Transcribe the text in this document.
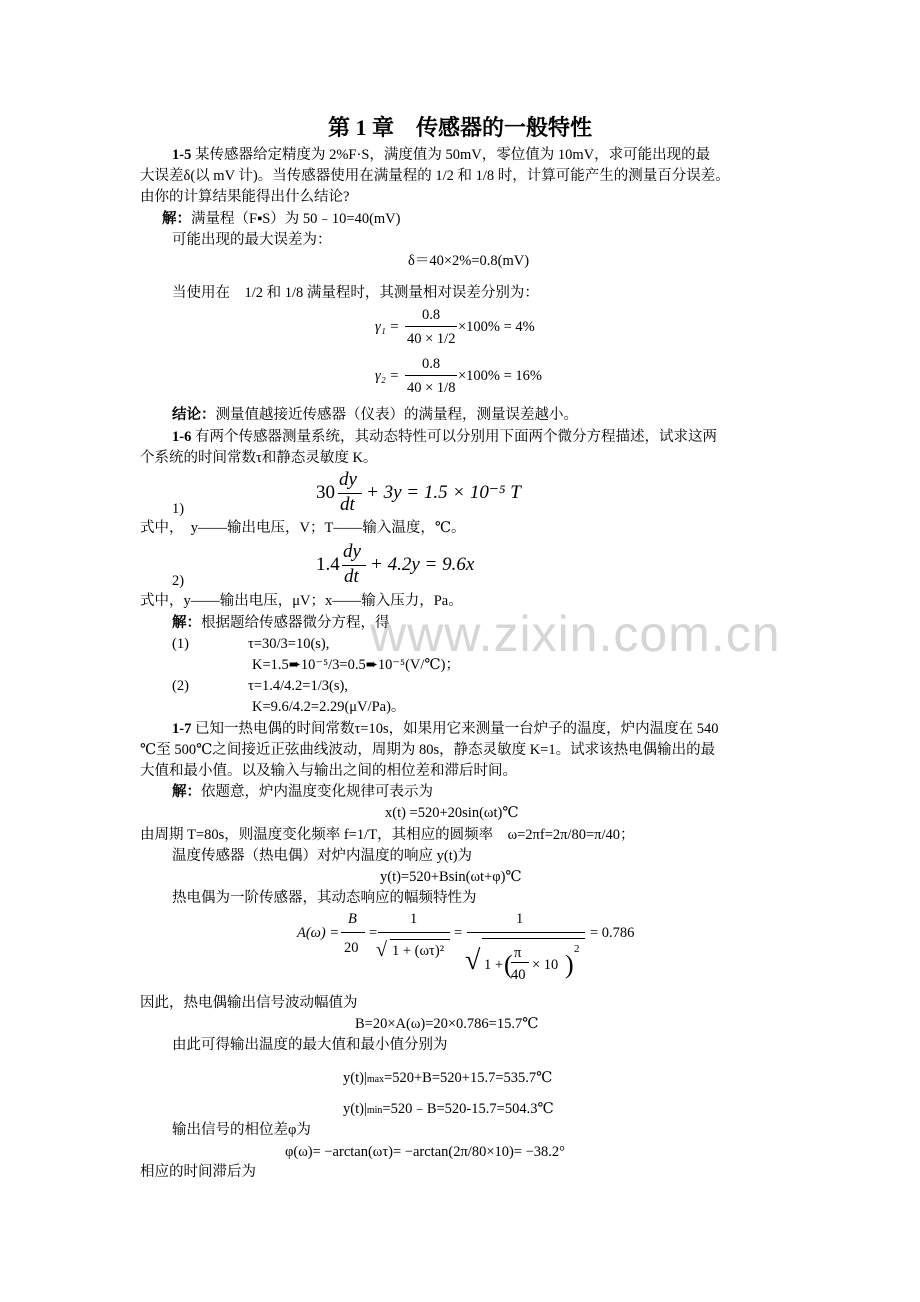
www.zixin.com.cn
第 1 章　传感器的一般特性
1-5 某传感器给定精度为 2%F·S，满度值为 50mV，零位值为 10mV，求可能出现的最
大误差δ(以 mV 计)。当传感器使用在满量程的 1/2 和 1/8 时，计算可能产生的测量百分误差。
由你的计算结果能得出什么结论?
解：满量程（F▪S）为 50﹣10=40(mV)
可能出现的最大误差为：
δ＝40×2%=0.8(mV)
当使用在　1/2 和 1/8 满量程时，其测量相对误差分别为：
γ₁ =
0.8
40 × 1/2
×100% = 4%
γ₂ =
0.8
40 × 1/8
×100% = 16%
结论：测量值越接近传感器（仪表）的满量程，测量误差越小。
1-6 有两个传感器测量系统，其动态特性可以分别用下面两个微分方程描述，试求这两
个系统的时间常数τ和静态灵敏度 K。
30
dy
dt
+ 3y = 1.5 × 10⁻⁵ T
1)
式中，　y——输出电压，V；T——输入温度，℃。
1.4
dy
dt
+ 4.2y = 9.6x
2)
式中，y——输出电压，μV；x——输入压力，Pa。
解：根据题给传感器微分方程，得
(1)	τ=30/3=10(s),
K=1.5➨10⁻⁵/3=0.5➨10⁻⁵(V/℃)；
(2)	τ=1.4/4.2=1/3(s),
K=9.6/4.2=2.29(μV/Pa)。
1-7 已知一热电偶的时间常数τ=10s，如果用它来测量一台炉子的温度，炉内温度在 540
℃至 500℃之间接近正弦曲线波动，周期为 80s，静态灵敏度 K=1。试求该热电偶输出的最
大值和最小值。以及输入与输出之间的相位差和滞后时间。
解：依题意，炉内温度变化规律可表示为
x(t) =520+20sin(ωt)℃
由周期 T=80s，则温度变化频率 f=1/T，其相应的圆频率　ω=2πf=2π/80=π/40；
温度传感器（热电偶）对炉内温度的响应 y(t)为
y(t)=520+Bsin(ωt+φ)℃
热电偶为一阶传感器，其动态响应的幅频特性为
A(ω) =
B
20
=
1
√ 1 + (ωτ)²
=
1
√ 1 + ( π
40
× 10 )
2
= 0.786
因此，热电偶输出信号波动幅值为
B=20×A(ω)=20×0.786=15.7℃
由此可得输出温度的最大值和最小值分别为
y(t)|max=520+B=520+15.7=535.7℃
y(t)|min=520﹣B=520-15.7=504.3℃
输出信号的相位差φ为
φ(ω)= −arctan(ωτ)= −arctan(2π/80×10)= −38.2°
相应的时间滞后为
